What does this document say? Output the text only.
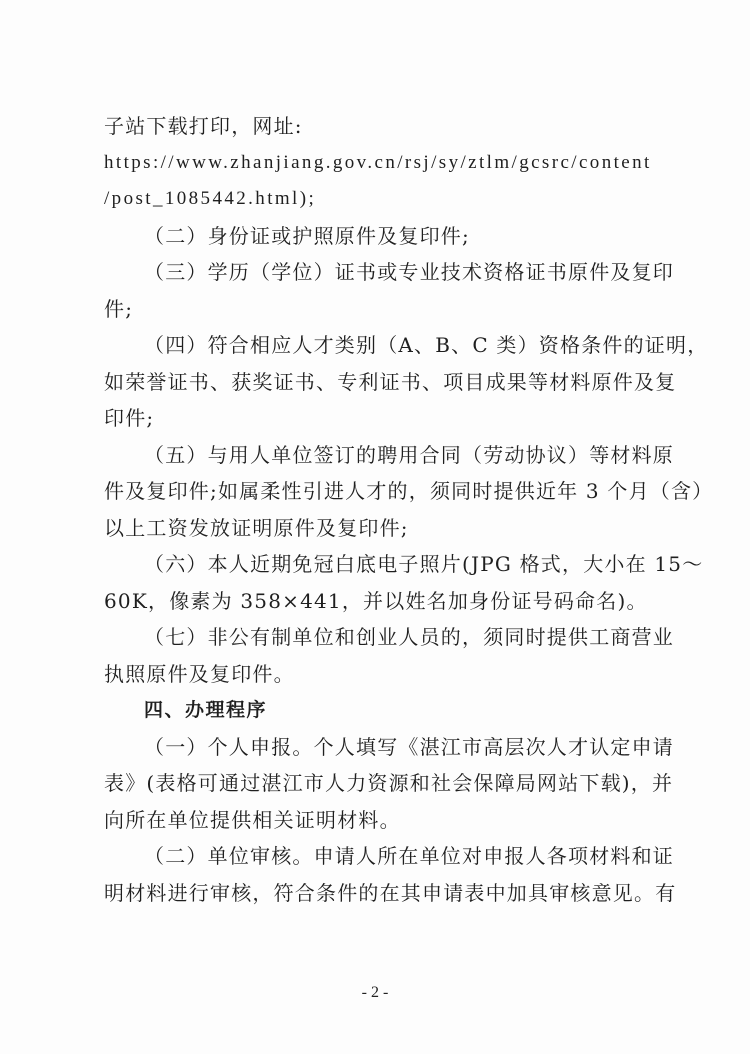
子站下载打印，网址:
https://www.zhanjiang.gov.cn/rsj/sy/ztlm/gcsrc/content
/post_1085442.html);
（二）身份证或护照原件及复印件;
（三）学历（学位）证书或专业技术资格证书原件及复印
件;
（四）符合相应人才类别（A、B、C 类）资格条件的证明，
如荣誉证书、获奖证书、专利证书、项目成果等材料原件及复
印件;
（五）与用人单位签订的聘用合同（劳动协议）等材料原
件及复印件;如属柔性引进人才的，须同时提供近年 3 个月（含）
以上工资发放证明原件及复印件;
（六）本人近期免冠白底电子照片(JPG 格式，大小在 15～
60K，像素为 358×441，并以姓名加身份证号码命名)。
（七）非公有制单位和创业人员的，须同时提供工商营业
执照原件及复印件。
四、办理程序
（一）个人申报。个人填写《湛江市高层次人才认定申请
表》(表格可通过湛江市人力资源和社会保障局网站下载)，并
向所在单位提供相关证明材料。
（二）单位审核。申请人所在单位对申报人各项材料和证
明材料进行审核，符合条件的在其申请表中加具审核意见。有
- 2 -
